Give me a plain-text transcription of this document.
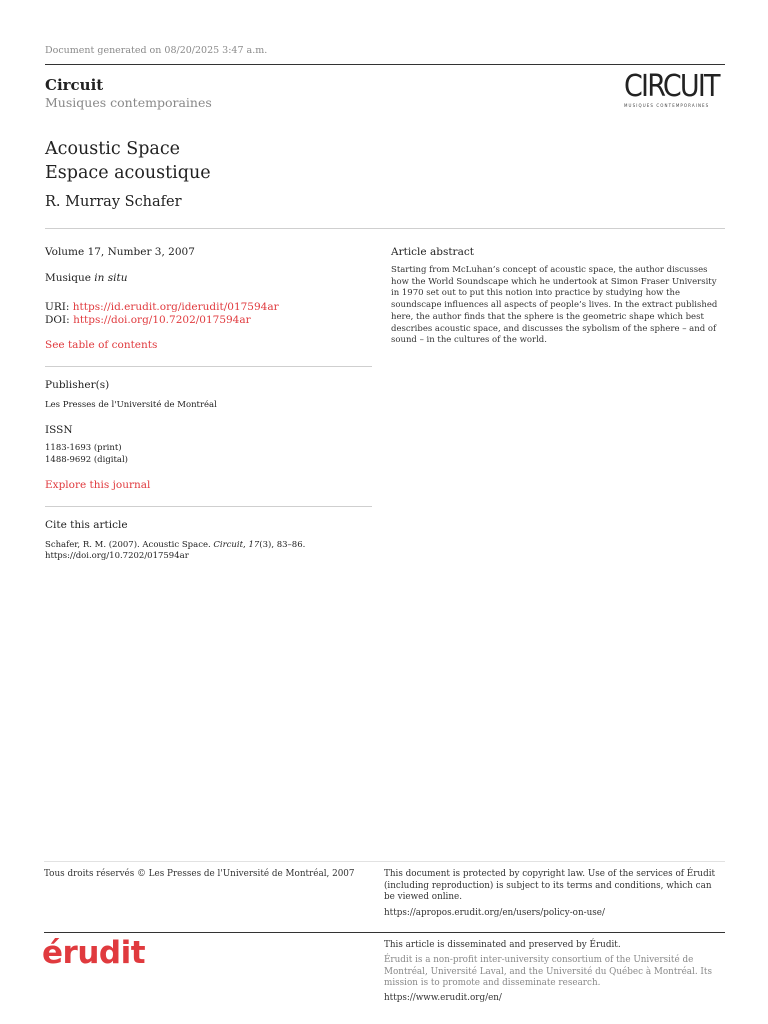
Document generated on 08/20/2025 3:47 a.m.
Circuit
Musiques contemporaines	CIRCUIT
MUSIQUES CONTEMPORAINES
Acoustic Space
Espace acoustique
R. Murray Schafer
Volume 17, Number 3, 2007
Musique in situ
URI: https://id.erudit.org/iderudit/017594ar
DOI: https://doi.org/10.7202/017594ar
See table of contents
Publisher(s)
Les Presses de l'Université de Montréal
ISSN
1183-1693 (print)
1488-9692 (digital)
Explore this journal
Cite this article
Schafer, R. M. (2007). Acoustic Space. Circuit, 17(3), 83–86.
https://doi.org/10.7202/017594ar
Article abstract
Starting from McLuhan’s concept of acoustic space, the author discusses how the World Soundscape which he undertook at Simon Fraser University in 1970 set out to put this notion into practice by studying how the soundscape influences all aspects of people’s lives. In the extract published here, the author finds that the sphere is the geometric shape which best describes acoustic space, and discusses the sybolism of the sphere – and of sound – in the cultures of the world.
Tous droits réservés © Les Presses de l'Université de Montréal, 2007	This document is protected by copyright law. Use of the services of Érudit (including reproduction) is subject to its terms and conditions, which can be viewed online.
https://apropos.erudit.org/en/users/policy-on-use/
érudit	This article is disseminated and preserved by Érudit.
Érudit is a non-profit inter-university consortium of the Université de Montréal, Université Laval, and the Université du Québec à Montréal. Its mission is to promote and disseminate research.
https://www.erudit.org/en/
